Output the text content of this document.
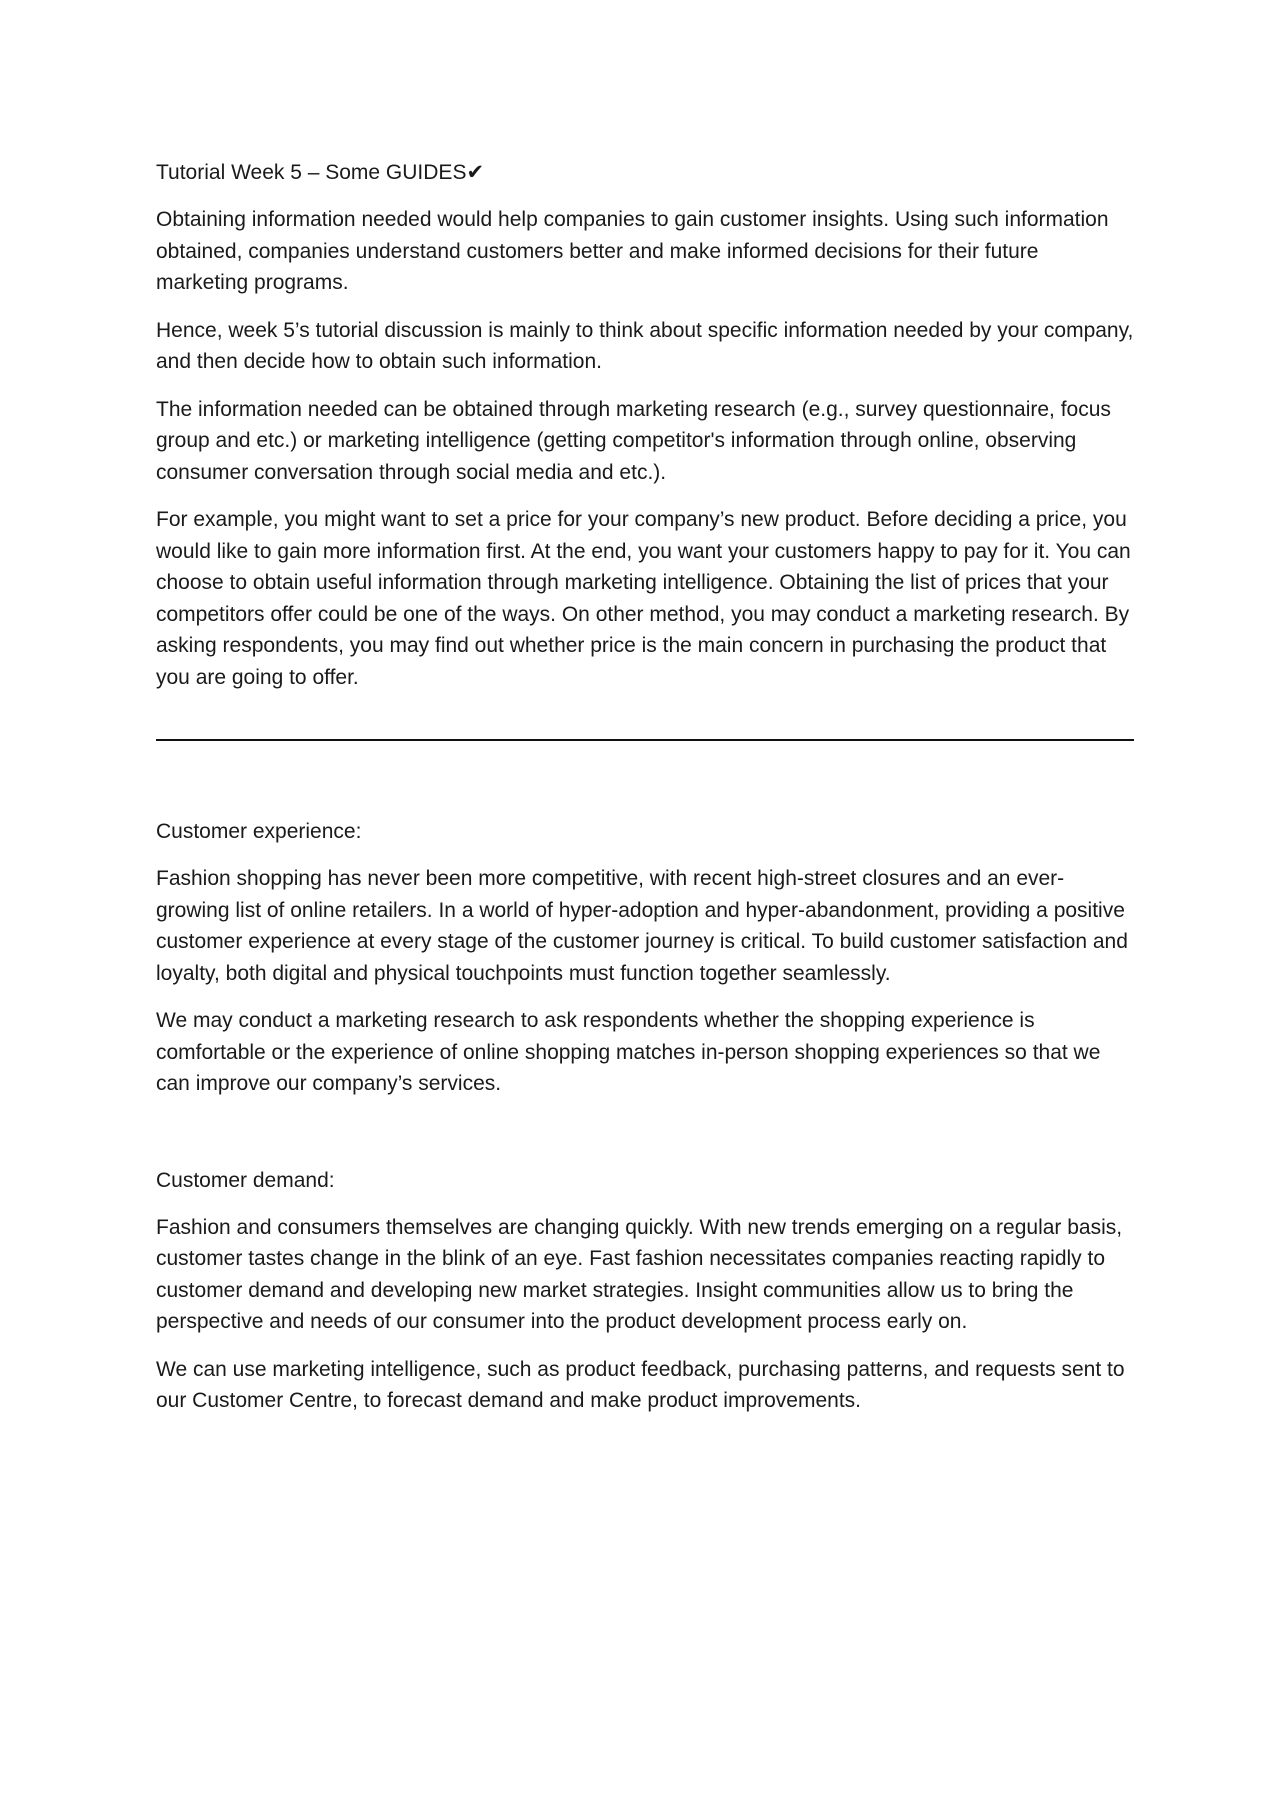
Tutorial Week 5 – Some GUIDES✔

Obtaining information needed would help companies to gain customer insights. Using such information obtained, companies understand customers better and make informed decisions for their future marketing programs.

Hence, week 5’s tutorial discussion is mainly to think about specific information needed by your company, and then decide how to obtain such information.

The information needed can be obtained through marketing research (e.g., survey questionnaire, focus group and etc.) or marketing intelligence (getting competitor's information through online, observing consumer conversation through social media and etc.).

For example, you might want to set a price for your company’s new product. Before deciding a price, you would like to gain more information first. At the end, you want your customers happy to pay for it. You can choose to obtain useful information through marketing intelligence. Obtaining the list of prices that your competitors offer could be one of the ways. On other method, you may conduct a marketing research. By asking respondents, you may find out whether price is the main concern in purchasing the product that you are going to offer.

Customer experience:

Fashion shopping has never been more competitive, with recent high-street closures and an ever-growing list of online retailers. In a world of hyper-adoption and hyper-abandonment, providing a positive customer experience at every stage of the customer journey is critical. To build customer satisfaction and loyalty, both digital and physical touchpoints must function together seamlessly.

We may conduct a marketing research to ask respondents whether the shopping experience is comfortable or the experience of online shopping matches in-person shopping experiences so that we can improve our company’s services.

Customer demand:

Fashion and consumers themselves are changing quickly. With new trends emerging on a regular basis, customer tastes change in the blink of an eye. Fast fashion necessitates companies reacting rapidly to customer demand and developing new market strategies. Insight communities allow us to bring the perspective and needs of our consumer into the product development process early on.

We can use marketing intelligence, such as product feedback, purchasing patterns, and requests sent to our Customer Centre, to forecast demand and make product improvements.
